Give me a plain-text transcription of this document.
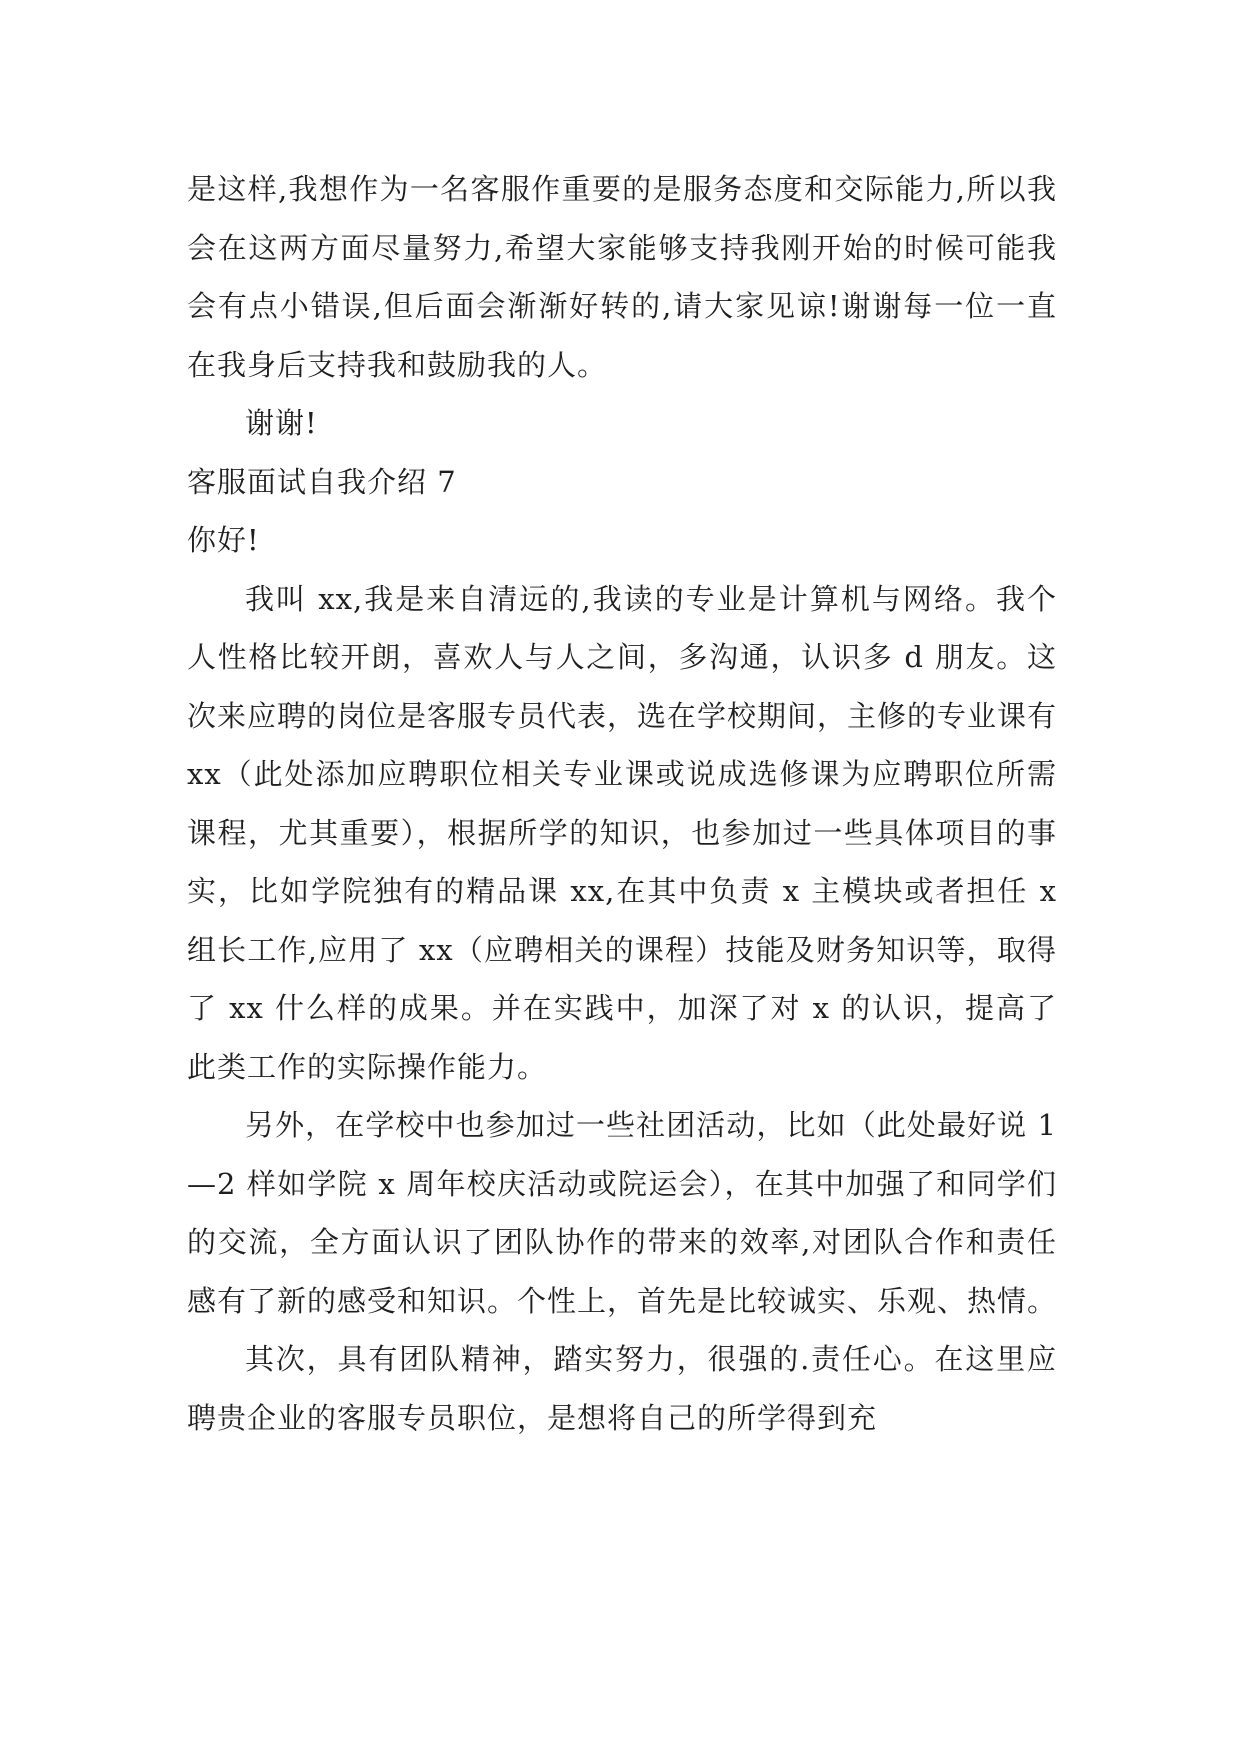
是这样,我想作为一名客服作重要的是服务态度和交际能力,所以我会在这两方面尽量努力,希望大家能够支持我刚开始的时候可能我会有点小错误,但后面会渐渐好转的,请大家见谅!谢谢每一位一直在我身后支持我和鼓励我的人。

谢谢!

客服面试自我介绍 7

你好!

我叫 xx,我是来自清远的,我读的专业是计算机与网络。我个人性格比较开朗，喜欢人与人之间，多沟通，认识多 d 朋友。这次来应聘的岗位是客服专员代表，选在学校期间，主修的专业课有 xx（此处添加应聘职位相关专业课或说成选修课为应聘职位所需课程，尤其重要），根据所学的知识，也参加过一些具体项目的事实，比如学院独有的精品课 xx,在其中负责 x 主模块或者担任 x 组长工作,应用了 xx（应聘相关的课程）技能及财务知识等，取得了 xx 什么样的成果。并在实践中，加深了对 x 的认识，提高了此类工作的实际操作能力。

另外，在学校中也参加过一些社团活动，比如（此处最好说 1—2 样如学院 x 周年校庆活动或院运会），在其中加强了和同学们的交流，全方面认识了团队协作的带来的效率,对团队合作和责任感有了新的感受和知识。个性上，首先是比较诚实、乐观、热情。

其次，具有团队精神，踏实努力，很强的.责任心。在这里应聘贵企业的客服专员职位，是想将自己的所学得到充
